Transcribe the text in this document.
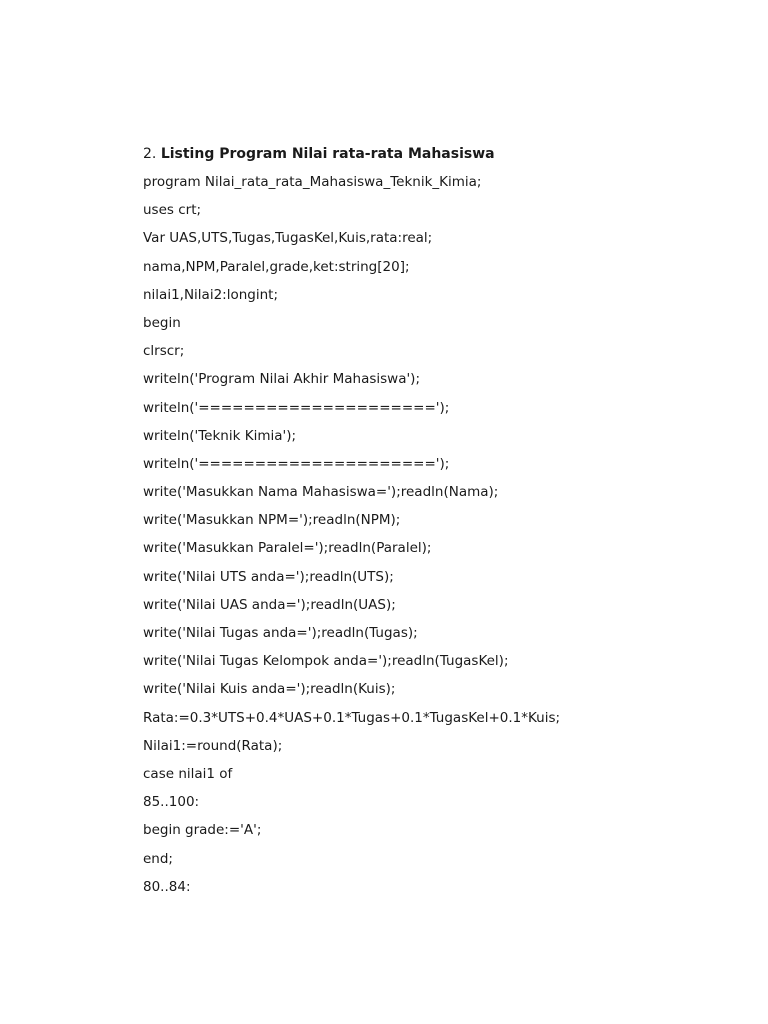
2. Listing Program Nilai rata-rata Mahasiswa
program Nilai_rata_rata_Mahasiswa_Teknik_Kimia;
uses crt;
Var UAS,UTS,Tugas,TugasKel,Kuis,rata:real;
nama,NPM,Paralel,grade,ket:string[20];
nilai1,Nilai2:longint;
begin
clrscr;
writeln('Program Nilai Akhir Mahasiswa');
writeln('=====================');
writeln('Teknik Kimia');
writeln('=====================');
write('Masukkan Nama Mahasiswa=');readln(Nama);
write('Masukkan NPM=');readln(NPM);
write('Masukkan Paralel=');readln(Paralel);
write('Nilai UTS anda=');readln(UTS);
write('Nilai UAS anda=');readln(UAS);
write('Nilai Tugas anda=');readln(Tugas);
write('Nilai Tugas Kelompok anda=');readln(TugasKel);
write('Nilai Kuis anda=');readln(Kuis);
Rata:=0.3*UTS+0.4*UAS+0.1*Tugas+0.1*TugasKel+0.1*Kuis;
Nilai1:=round(Rata);
case nilai1 of
85..100:
begin grade:='A';
end;
80..84:
